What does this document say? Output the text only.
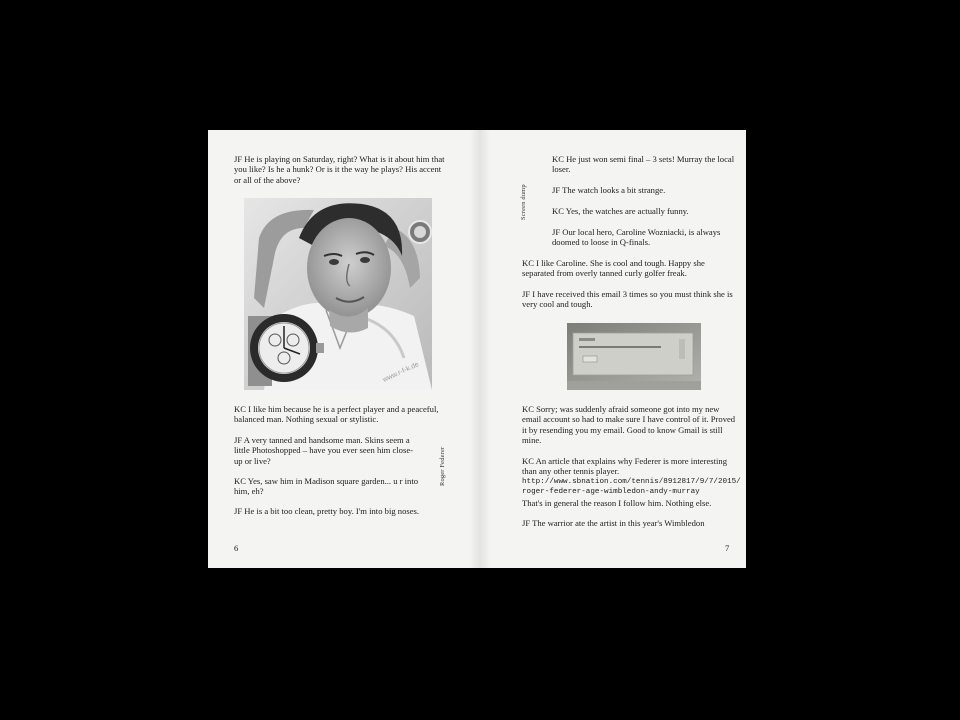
JF He is playing on Saturday, right? What is it about him that you like? Is he a hunk? Or is it the way he plays? His accent or all of the above?

www.r-f-k.de
Roger Federer

KC I like him because he is a perfect player and a peaceful, balanced man. Nothing sexual or stylistic.

JF A very tanned and handsome man. Skins seem a little Photoshopped – have you ever seen him close-up or live?

KC Yes, saw him in Madison square garden... u r into him, eh?

JF He is a bit too clean, pretty boy. I'm into big noses.

6
Screen dump

KC He just won semi final – 3 sets! Murray the local loser.

JF The watch looks a bit strange.

KC Yes, the watches are actually funny.

JF Our local hero, Caroline Wozniacki, is always doomed to loose in Q-finals.

KC I like Caroline. She is cool and tough. Happy she separated from overly tanned curly golfer freak.

JF I have received this email 3 times so you must think she is very cool and tough.

KC Sorry; was suddenly afraid someone got into my new email account so had to make sure I have control of it. Proved it by resending you my email. Good to know Gmail is still mine.

KC An article that explains why Federer is more interesting than any other tennis player.
http://www.sbnation.com/tennis/8912817/9/7/2015/
roger-federer-age-wimbledon-andy-murray
That's in general the reason I follow him. Nothing else.

JF The warrior ate the artist in this year's Wimbledon

7
